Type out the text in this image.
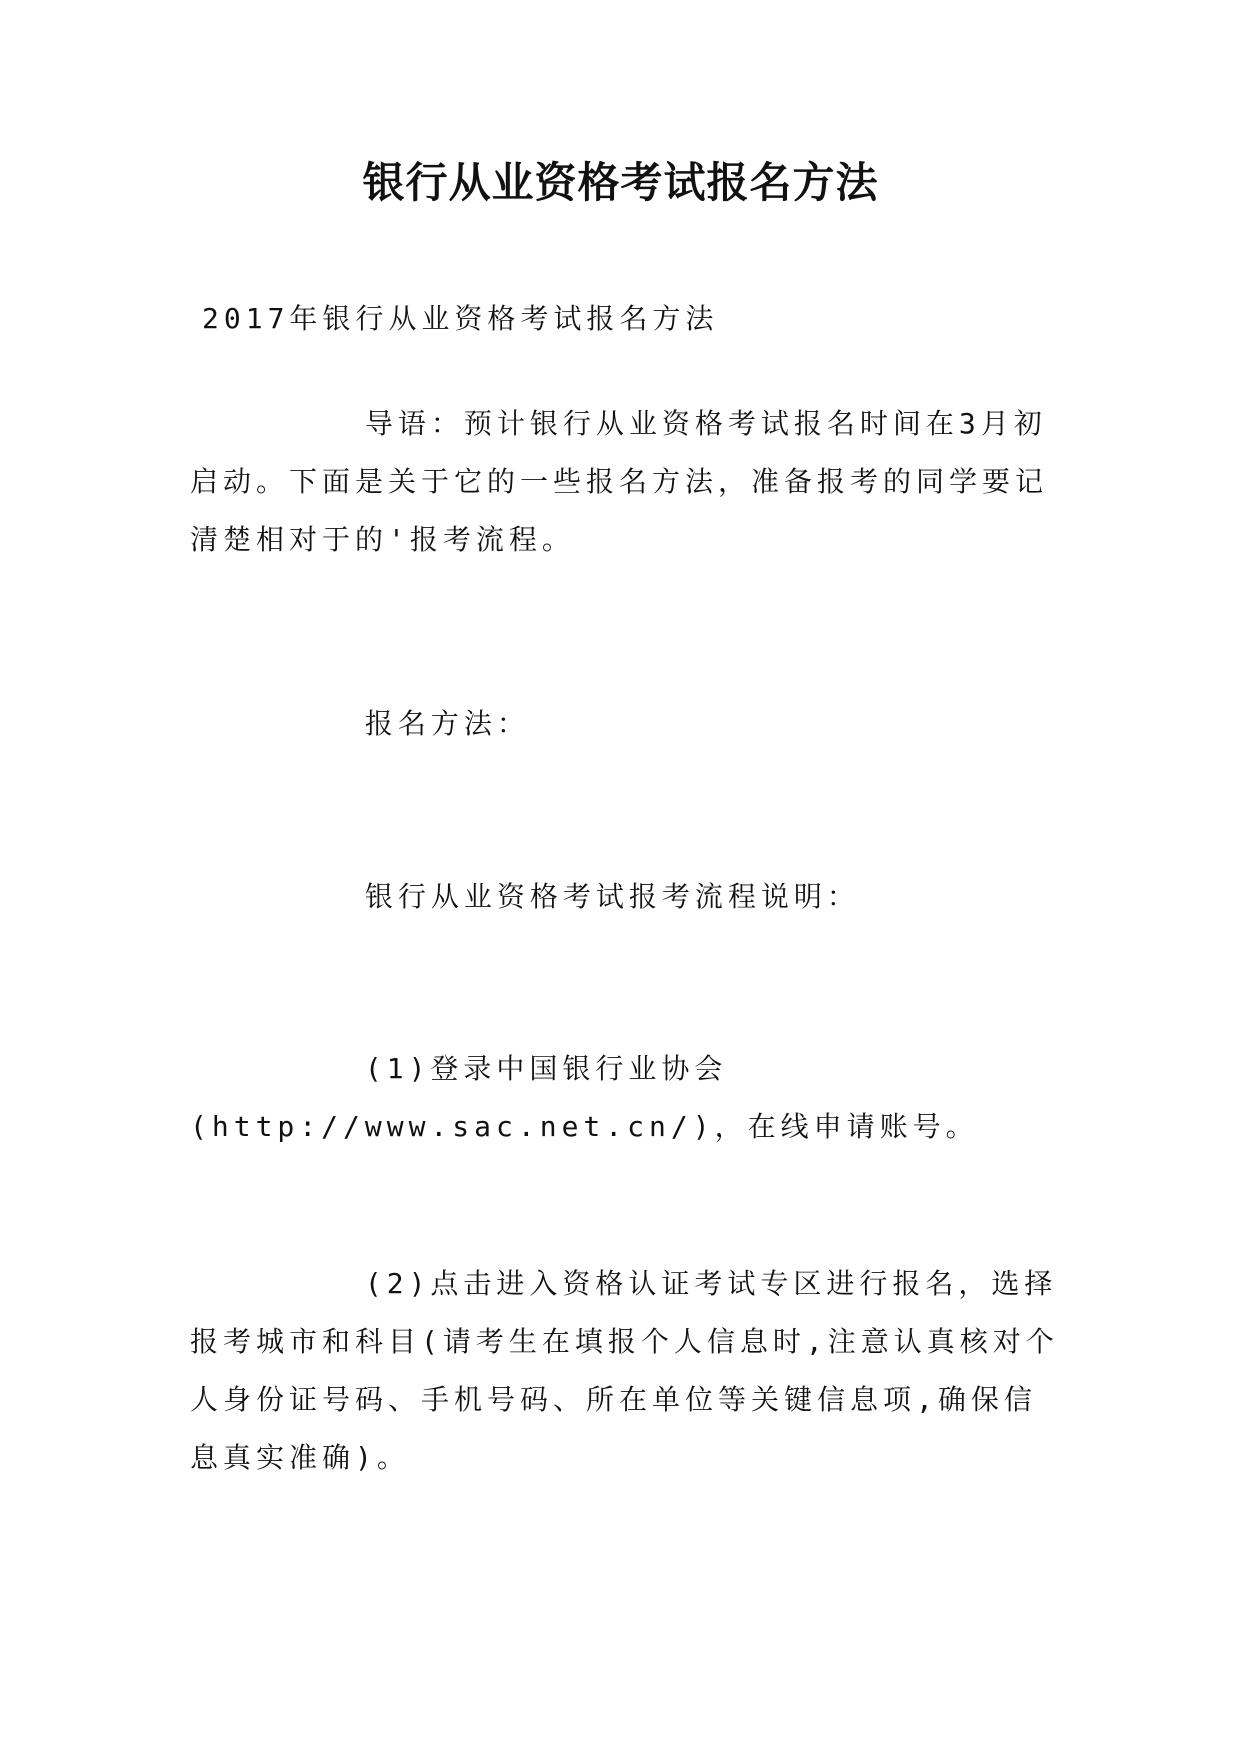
银行从业资格考试报名方法

2017年银行从业资格考试报名方法

导语：预计银行从业资格考试报名时间在3月初启动。下面是关于它的一些报名方法，准备报考的同学要记清楚相对于的'报考流程。

报名方法：

银行从业资格考试报考流程说明：

(1)登录中国银行业协会(http://www.sac.net.cn/)，在线申请账号。

(2)点击进入资格认证考试专区进行报名，选择报考城市和科目(请考生在填报个人信息时,注意认真核对个人身份证号码、手机号码、所在单位等关键信息项,确保信息真实准确)。
